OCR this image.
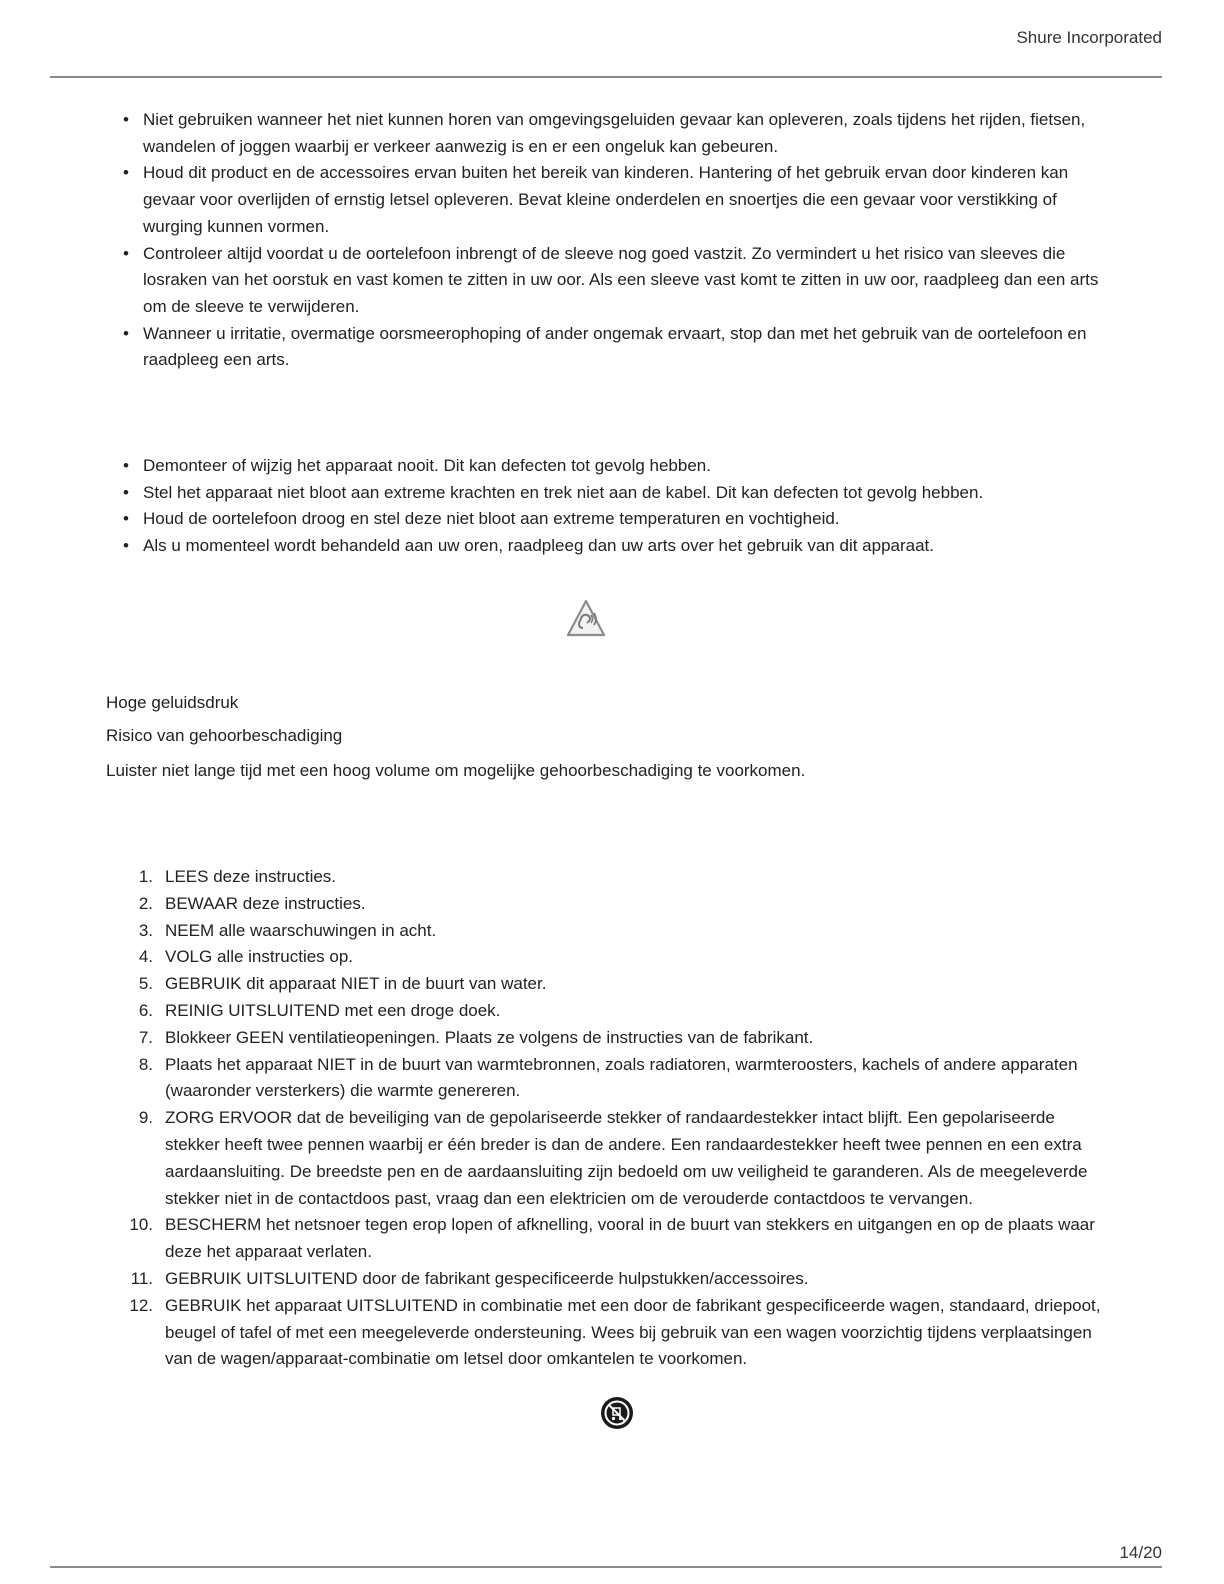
Shure Incorporated
• Niet gebruiken wanneer het niet kunnen horen van omgevingsgeluiden gevaar kan opleveren, zoals tijdens het rijden, fietsen, wandelen of joggen waarbij er verkeer aanwezig is en er een ongeluk kan gebeuren.
• Houd dit product en de accessoires ervan buiten het bereik van kinderen. Hantering of het gebruik ervan door kinderen kan gevaar voor overlijden of ernstig letsel opleveren. Bevat kleine onderdelen en snoertjes die een gevaar voor verstikking of wurging kunnen vormen.
• Controleer altijd voordat u de oortelefoon inbrengt of de sleeve nog goed vastzit. Zo vermindert u het risico van sleeves die losraken van het oorstuk en vast komen te zitten in uw oor. Als een sleeve vast komt te zitten in uw oor, raadpleeg dan een arts om de sleeve te verwijderen.
• Wanneer u irritatie, overmatige oorsmeerophoping of ander ongemak ervaart, stop dan met het gebruik van de oortelefoon en raadpleeg een arts.
• Demonteer of wijzig het apparaat nooit. Dit kan defecten tot gevolg hebben.
• Stel het apparaat niet bloot aan extreme krachten en trek niet aan de kabel. Dit kan defecten tot gevolg hebben.
• Houd de oortelefoon droog en stel deze niet bloot aan extreme temperaturen en vochtigheid.
• Als u momenteel wordt behandeld aan uw oren, raadpleeg dan uw arts over het gebruik van dit apparaat.
Hoge geluidsdruk
Risico van gehoorbeschadiging
Luister niet lange tijd met een hoog volume om mogelijke gehoorbeschadiging te voorkomen.
1. LEES deze instructies.
2. BEWAAR deze instructies.
3. NEEM alle waarschuwingen in acht.
4. VOLG alle instructies op.
5. GEBRUIK dit apparaat NIET in de buurt van water.
6. REINIG UITSLUITEND met een droge doek.
7. Blokkeer GEEN ventilatieopeningen. Plaats ze volgens de instructies van de fabrikant.
8. Plaats het apparaat NIET in de buurt van warmtebronnen, zoals radiatoren, warmteroosters, kachels of andere apparaten (waaronder versterkers) die warmte genereren.
9. ZORG ERVOOR dat de beveiliging van de gepolariseerde stekker of randaardestekker intact blijft. Een gepolariseerde stekker heeft twee pennen waarbij er één breder is dan de andere. Een randaardestekker heeft twee pennen en een extra aardaansluiting. De breedste pen en de aardaansluiting zijn bedoeld om uw veiligheid te garanderen. Als de meegeleverde stekker niet in de contactdoos past, vraag dan een elektricien om de verouderde contactdoos te vervangen.
10. BESCHERM het netsnoer tegen erop lopen of afknelling, vooral in de buurt van stekkers en uitgangen en op de plaats waar deze het apparaat verlaten.
11. GEBRUIK UITSLUITEND door de fabrikant gespecificeerde hulpstukken/accessoires.
12. GEBRUIK het apparaat UITSLUITEND in combinatie met een door de fabrikant gespecificeerde wagen, standaard, driepoot, beugel of tafel of met een meegeleverde ondersteuning. Wees bij gebruik van een wagen voorzichtig tijdens verplaatsingen van de wagen/apparaat-combinatie om letsel door omkantelen te voorkomen.
14/20
